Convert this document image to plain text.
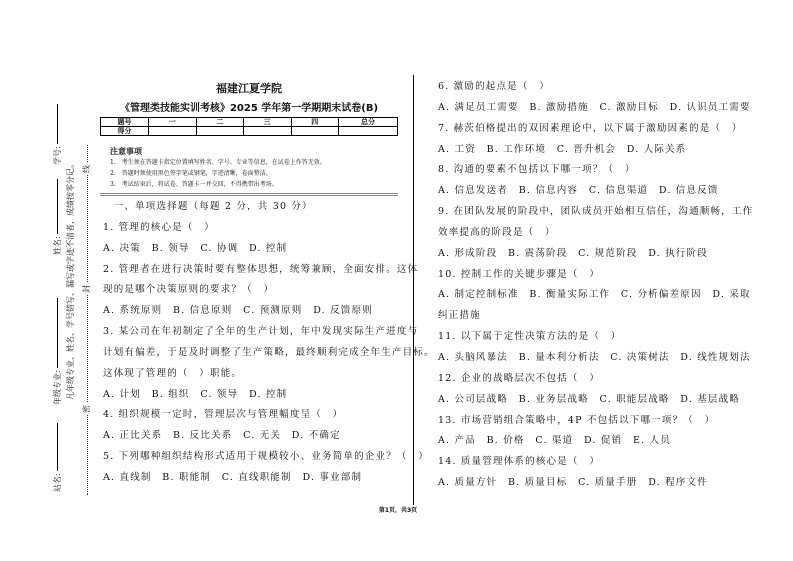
站名:
年级专业:
姓名:
学号:
凡年级专业、姓名、学号错写、漏写或字迹不清者，成绩按零分记。
密
封
线
福建江夏学院
《管理类技能实训考核》2025 学年第一学期期末试卷(B)
题号	一	二	三	四	总分
得分					
注意事项
1.　考生须在答题卡指定位置填写姓名、学号、专业等信息，在试卷上作答无效。
2.　答题时须使用黑色签字笔或钢笔，字迹清晰，卷面整洁。
3.　考试结束后，将试卷、答题卡一并交回，不得携带出考场。
　一、单项选择题（每题 2 分，共 30 分）
1. 管理的核心是（　）
A. 决策　B. 领导　C. 协调　D. 控制
2. 管理者在进行决策时要有整体思想，统筹兼顾，全面安排。这体
现的是哪个决策原则的要求？（　）
A. 系统原则　B. 信息原则　C. 预测原则　D. 反馈原则
3. 某公司在年初制定了全年的生产计划，年中发现实际生产进度与
计划有偏差，于是及时调整了生产策略，最终顺利完成全年生产目标。
这体现了管理的（　）职能。
A. 计划　B. 组织　C. 领导　D. 控制
4. 组织规模一定时，管理层次与管理幅度呈（　）
A. 正比关系　B. 反比关系　C. 无关　D. 不确定
5. 下列哪种组织结构形式适用于规模较小、业务简单的企业？（　）
A. 直线制　B. 职能制　C. 直线职能制　D. 事业部制
6. 激励的起点是（　）
A. 满足员工需要　B. 激励措施　C. 激励目标　D. 认识员工需要
7. 赫茨伯格提出的双因素理论中，以下属于激励因素的是（　）
A. 工资　B. 工作环境　C. 晋升机会　D. 人际关系
8. 沟通的要素不包括以下哪一项？（　）
A. 信息发送者　B. 信息内容　C. 信息渠道　D. 信息反馈
9. 在团队发展的阶段中，团队成员开始相互信任，沟通顺畅，工作
效率提高的阶段是（　）
A. 形成阶段　B. 震荡阶段　C. 规范阶段　D. 执行阶段
10. 控制工作的关键步骤是（　）
A. 制定控制标准　B. 衡量实际工作　C. 分析偏差原因　D. 采取
纠正措施
11. 以下属于定性决策方法的是（　）
A. 头脑风暴法　B. 量本利分析法　C. 决策树法　D. 线性规划法
12. 企业的战略层次不包括（　）
A. 公司层战略　B. 业务层战略　C. 职能层战略　D. 基层战略
13. 市场营销组合策略中，4P 不包括以下哪一项？（　）
A. 产品　B. 价格　C. 渠道　D. 促销　E. 人员
14. 质量管理体系的核心是（　）
A. 质量方针　B. 质量目标　C. 质量手册　D. 程序文件
第1页，共3页
